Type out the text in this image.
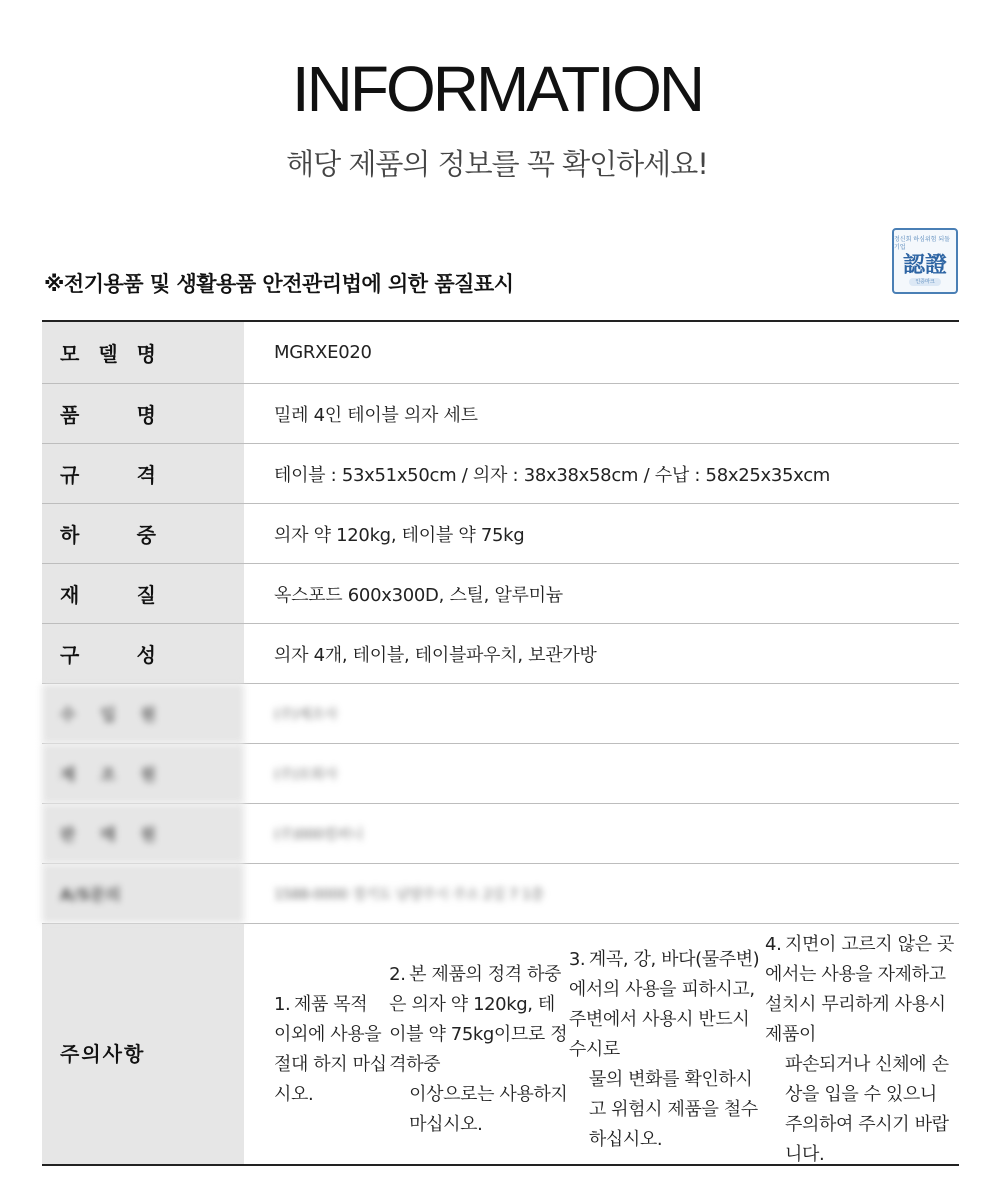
INFORMATION
해당 제품의 정보를 꼭 확인하세요!
※전기용품 및 생활용품 안전관리법에 의한 품질표시
정신회 하심위험 되돌 기업
認證
인증마크
모 델 명	MGRXE020
품	명	밀레 4인 테이블 의자 세트
규	격	테이블 : 53x51x50cm / 의자 : 38x38x58cm / 수납 : 58x25x35xcm
하	중	의자 약 120kg, 테이블 약 75kg
재	질	옥스포드 600x300D, 스틸, 알루미늄
구	성	의자 4개, 테이블, 테이블파우치, 보관가방
수 입 원	(주)제조사
제 조 원	(주)모회사
판 매 원	(주)000컴퍼니
A/S문의	1588-0000 경기도 남양주시 주소 2길 7 1층
주의사항
1. 제품 목적 이외에 사용을 절대 하지 마십시오.
2. 본 제품의 정격 하중은 의자 약 120kg, 테이블 약 75kg이므로 정격하중
이상으로는 사용하지 마십시오.
3. 계곡, 강, 바다(물주변)에서의 사용을 피하시고, 주변에서 사용시 반드시 수시로
물의 변화를 확인하시고 위험시 제품을 철수 하십시오.
4. 지면이 고르지 않은 곳에서는 사용을 자제하고 설치시 무리하게 사용시 제품이
파손되거나 신체에 손상을 입을 수 있으니 주의하여 주시기 바랍니다.
